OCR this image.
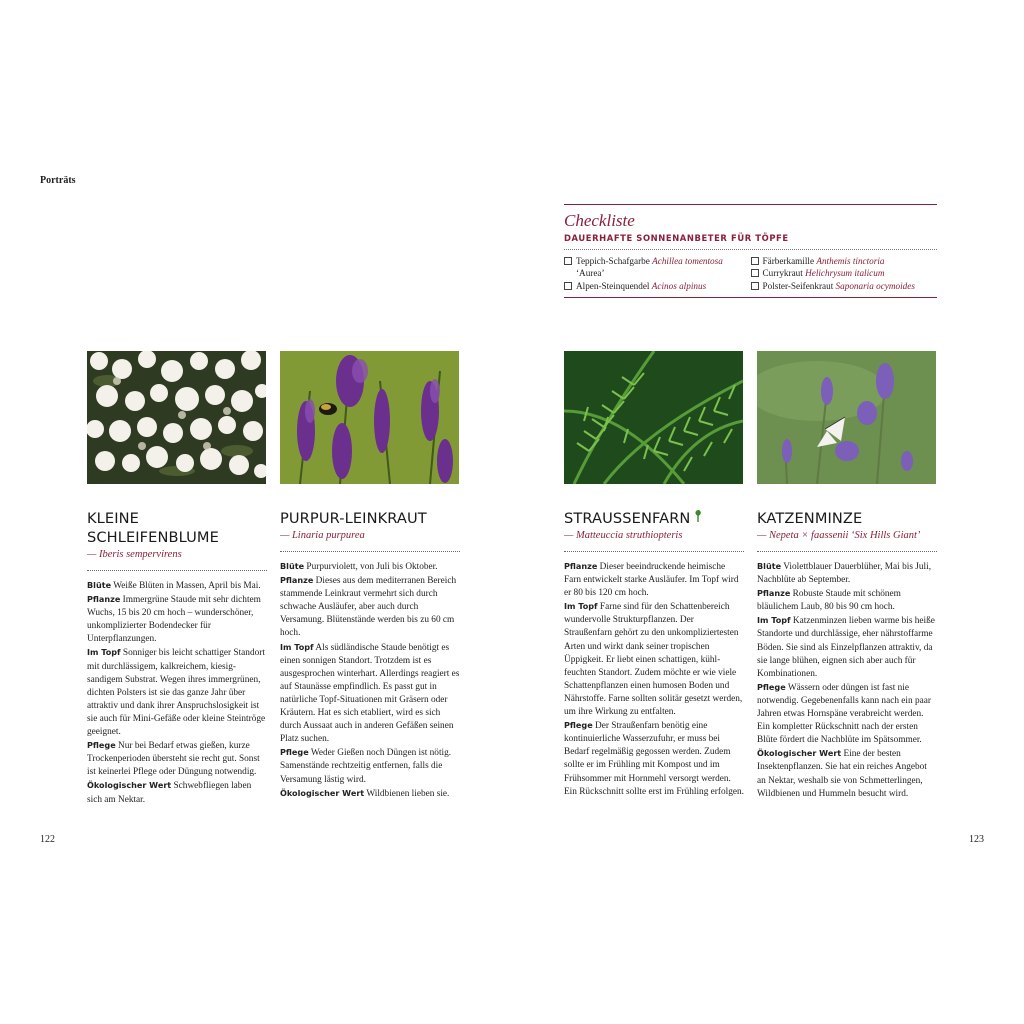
Porträts
Checkliste
DAUERHAFTE SONNENANBETER FÜR TÖPFE
Teppich-Schafgarbe Achillea tomentosa
‘Aurea’
Alpen-Steinquendel Acinos alpinus
Färberkamille Anthemis tinctoria
Currykraut Helichrysum italicum
Polster-Seifenkraut Saponaria ocymoides
KLEINE SCHLEIFENBLUME
— Iberis sempervirens
Blüte Weiße Blüten in Massen, April bis Mai.
Pflanze Immergrüne Staude mit sehr dichtem Wuchs, 15 bis 20 cm hoch – wunderschöner, unkomplizierter Bodendecker für Unterpflanzungen.
Im Topf Sonniger bis leicht schattiger Standort mit durchlässigem, kalkreichem, kiesig-sandigem Substrat. Wegen ihres immergrünen, dichten Polsters ist sie das ganze Jahr über attraktiv und dank ihrer Anspruchslosigkeit ist sie auch für Mini-Gefäße oder kleine Steintröge geeignet.
Pflege Nur bei Bedarf etwas gießen, kurze Trockenperioden übersteht sie recht gut. Sonst ist keinerlei Pflege oder Düngung notwendig.
Ökologischer Wert Schwebfliegen laben sich am Nektar.
PURPUR-LEINKRAUT
— Linaria purpurea
Blüte Purpurviolett, von Juli bis Oktober.
Pflanze Dieses aus dem mediterranen Bereich stammende Leinkraut vermehrt sich durch schwache Ausläufer, aber auch durch Versamung. Blütenstände werden bis zu 60 cm hoch.
Im Topf Als südländische Staude benötigt es einen sonnigen Standort. Trotzdem ist es ausgesprochen winterhart. Allerdings reagiert es auf Staunässe empfindlich. Es passt gut in natürliche Topf-Situationen mit Gräsern oder Kräutern. Hat es sich etabliert, wird es sich durch Aussaat auch in anderen Gefäßen seinen Platz suchen.
Pflege Weder Gießen noch Düngen ist nötig. Samenstände rechtzeitig entfernen, falls die Versamung lästig wird.
Ökologischer Wert Wildbienen lieben sie.
STRAUSSENFARN
— Matteuccia struthiopteris
Pflanze Dieser beeindruckende heimische Farn entwickelt starke Ausläufer. Im Topf wird er 80 bis 120 cm hoch.
Im Topf Farne sind für den Schattenbereich wundervolle Strukturpflanzen. Der Straußenfarn gehört zu den unkompliziertesten Arten und wirkt dank seiner tropischen Üppigkeit. Er liebt einen schattigen, kühl-feuchten Standort. Zudem möchte er wie viele Schattenpflanzen einen humosen Boden und Nährstoffe. Farne sollten solitär gesetzt werden, um ihre Wirkung zu entfalten.
Pflege Der Straußenfarn benötig eine kontinuierliche Wasserzufuhr, er muss bei Bedarf regelmäßig gegossen werden. Zudem sollte er im Frühling mit Kompost und im Frühsommer mit Hornmehl versorgt werden. Ein Rückschnitt sollte erst im Frühling erfolgen.
KATZENMINZE
— Nepeta × faassenii ‘Six Hills Giant’
Blüte Violettblauer Dauerblüher, Mai bis Juli, Nachblüte ab September.
Pflanze Robuste Staude mit schönem bläulichem Laub, 80 bis 90 cm hoch.
Im Topf Katzenminzen lieben warme bis heiße Standorte und durchlässige, eher nährstoffarme Böden. Sie sind als Einzelpflanzen attraktiv, da sie lange blühen, eignen sich aber auch für Kombinationen.
Pflege Wässern oder düngen ist fast nie notwendig. Gegebenenfalls kann nach ein paar Jahren etwas Hornspäne verabreicht werden. Ein kompletter Rückschnitt nach der ersten Blüte fördert die Nachblüte im Spätsommer.
Ökologischer Wert Eine der besten Insektenpflanzen. Sie hat ein reiches Angebot an Nektar, weshalb sie von Schmetterlingen, Wildbienen und Hummeln besucht wird.
122	123
